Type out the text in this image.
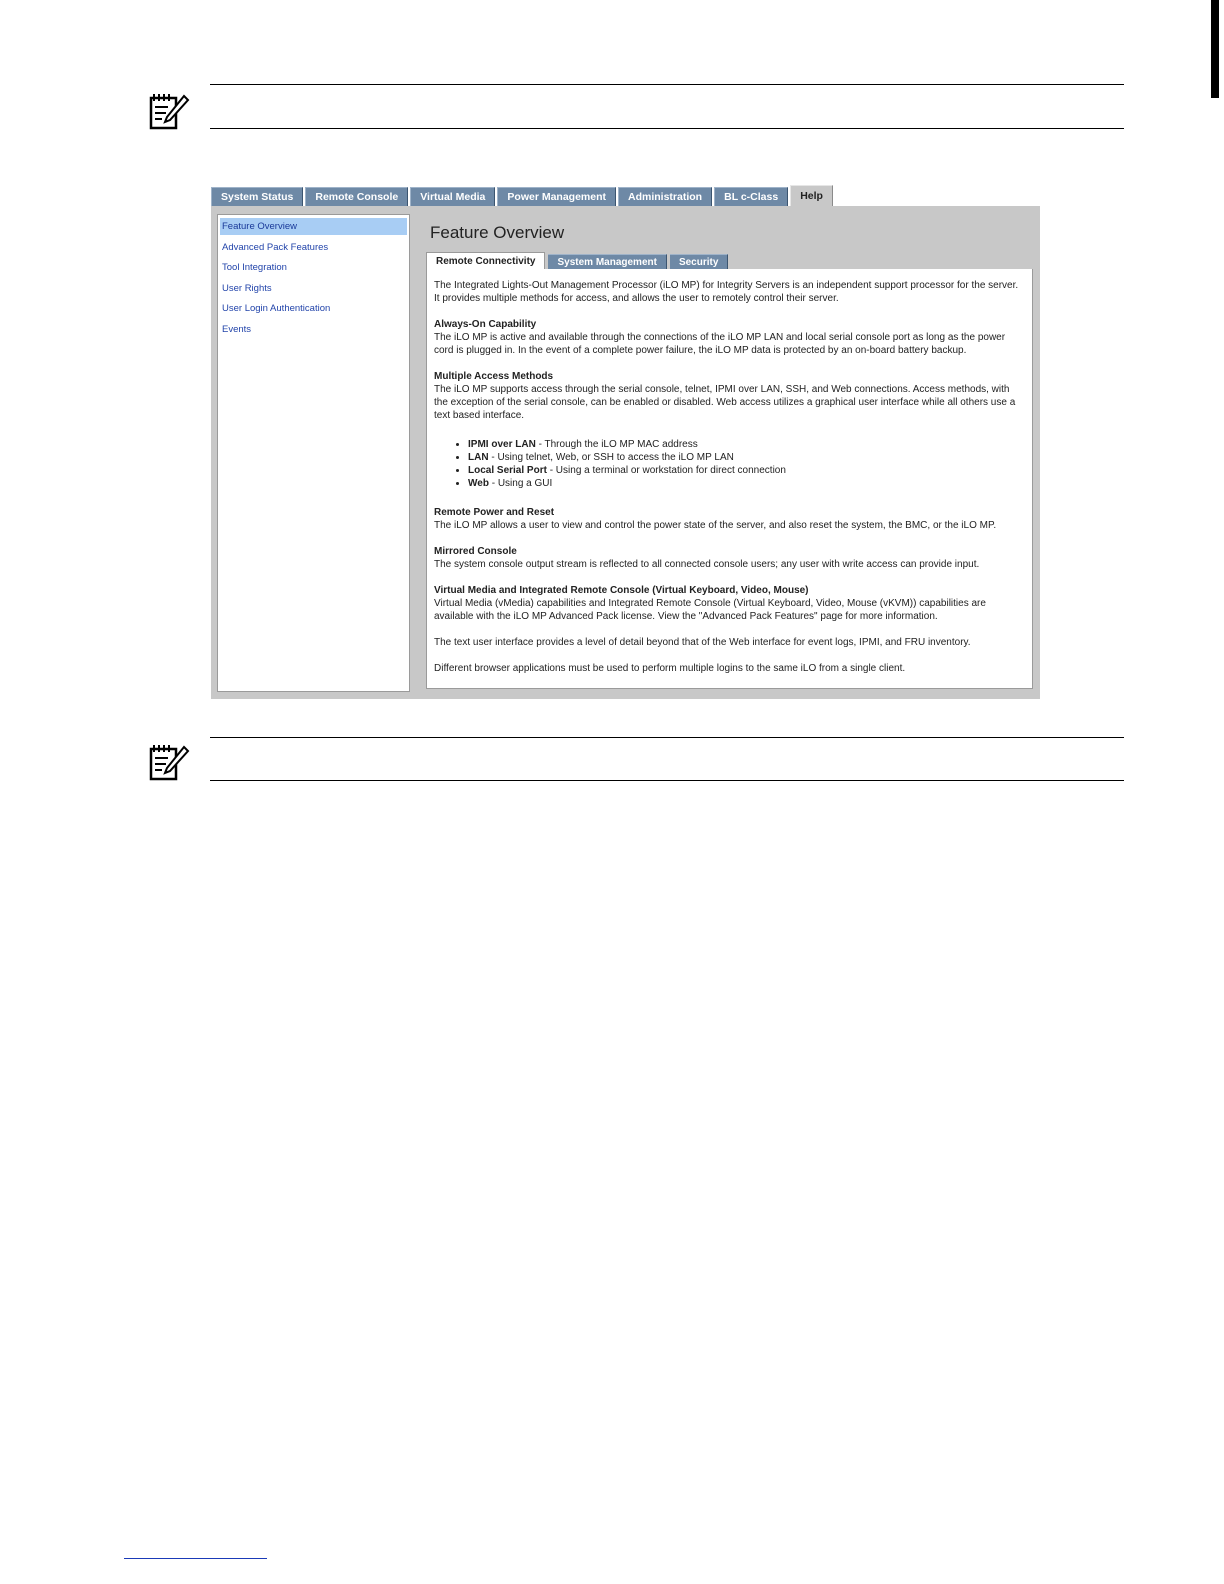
System Status Remote Console Virtual Media Power Management Administration BL c-Class Help
Feature Overview
Advanced Pack Features
Tool Integration
User Rights
User Login Authentication
Events
Feature Overview
Remote Connectivity System Management Security

The Integrated Lights-Out Management Processor (iLO MP) for Integrity Servers is an independent support processor for the server. It provides multiple methods for access, and allows the user to remotely control their server.

Always-On Capability
The iLO MP is active and available through the connections of the iLO MP LAN and local serial console port as long as the power cord is plugged in. In the event of a complete power failure, the iLO MP data is protected by an on-board battery backup.

Multiple Access Methods
The iLO MP supports access through the serial console, telnet, IPMI over LAN, SSH, and Web connections. Access methods, with the exception of the serial console, can be enabled or disabled. Web access utilizes a graphical user interface while all others use a text based interface.

• IPMI over LAN - Through the iLO MP MAC address
• LAN - Using telnet, Web, or SSH to access the iLO MP LAN
• Local Serial Port - Using a terminal or workstation for direct connection
• Web - Using a GUI

Remote Power and Reset
The iLO MP allows a user to view and control the power state of the server, and also reset the system, the BMC, or the iLO MP.

Mirrored Console
The system console output stream is reflected to all connected console users; any user with write access can provide input.

Virtual Media and Integrated Remote Console (Virtual Keyboard, Video, Mouse)
Virtual Media (vMedia) capabilities and Integrated Remote Console (Virtual Keyboard, Video, Mouse (vKVM)) capabilities are available with the iLO MP Advanced Pack license. View the "Advanced Pack Features" page for more information.

The text user interface provides a level of detail beyond that of the Web interface for event logs, IPMI, and FRU inventory.

Different browser applications must be used to perform multiple logins to the same iLO from a single client.
